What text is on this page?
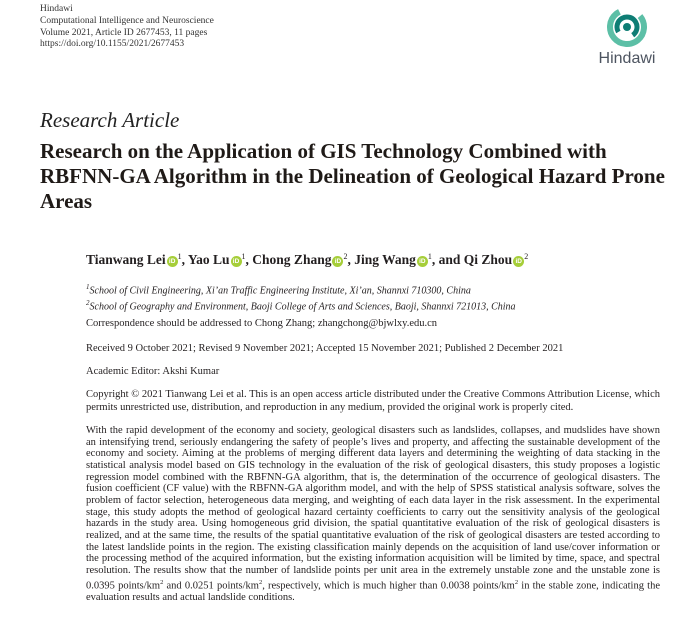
Hindawi
Computational Intelligence and Neuroscience
Volume 2021, Article ID 2677453, 11 pages
https://doi.org/10.1155/2021/2677453
Hindawi
Research Article
Research on the Application of GIS Technology Combined with RBFNN-GA Algorithm in the Delineation of Geological Hazard Prone Areas
Tianwang Lei $iD^1$, Yao Lu $iD^1$, Chong Zhang $iD^2$, Jing Wang $iD^1$, and Qi Zhou $iD^2$
$^1$School of Civil Engineering, Xi’an Traffic Engineering Institute, Xi’an, Shannxi 710300, China
$^2$School of Geography and Environment, Baoji College of Arts and Sciences, Baoji, Shannxi 721013, China
Correspondence should be addressed to Chong Zhang; zhangchong@bjwlxy.edu.cn
Received 9 October 2021; Revised 9 November 2021; Accepted 15 November 2021; Published 2 December 2021
Academic Editor: Akshi Kumar

Copyright © 2021 Tianwang Lei et al. This is an open access article distributed under the Creative Commons Attribution License, which permits unrestricted use, distribution, and reproduction in any medium, provided the original work is properly cited.

With the rapid development of the economy and society, geological disasters such as landslides, collapses, and mudslides have shown an intensifying trend, seriously endangering the safety of people’s lives and property, and affecting the sustainable development of the economy and society. Aiming at the problems of merging different data layers and determining the weighting of data stacking in the statistical analysis model based on GIS technology in the evaluation of the risk of geological disasters, this study proposes a logistic regression model combined with the RBFNN-GA algorithm, that is, the determination of the occurrence of geological disasters. The fusion coefficient (CF value) with the RBFNN-GA algorithm model, and with the help of SPSS statistical analysis software, solves the problem of factor selection, heterogeneous data merging, and weighting of each data layer in the risk assessment. In the experimental stage, this study adopts the method of geological hazard certainty coefficients to carry out the sensitivity analysis of the geological hazards in the study area. Using homogeneous grid division, the spatial quantitative evaluation of the risk of geological disasters is realized, and at the same time, the results of the spatial quantitative evaluation of the risk of geological disasters are tested according to the latest landslide points in the region. The existing classification mainly depends on the acquisition of land use/cover information or the processing method of the acquired information, but the existing information acquisition will be limited by time, space, and spectral resolution. The results show that the number of landslide points per unit area in the extremely unstable zone and the unstable zone is 0.0395 points/$km^2$ and 0.0251 points/$km^2$, respectively, which is much higher than 0.0038 points/$km^2$ in the stable zone, indicating the evaluation results and actual landslide conditions.
